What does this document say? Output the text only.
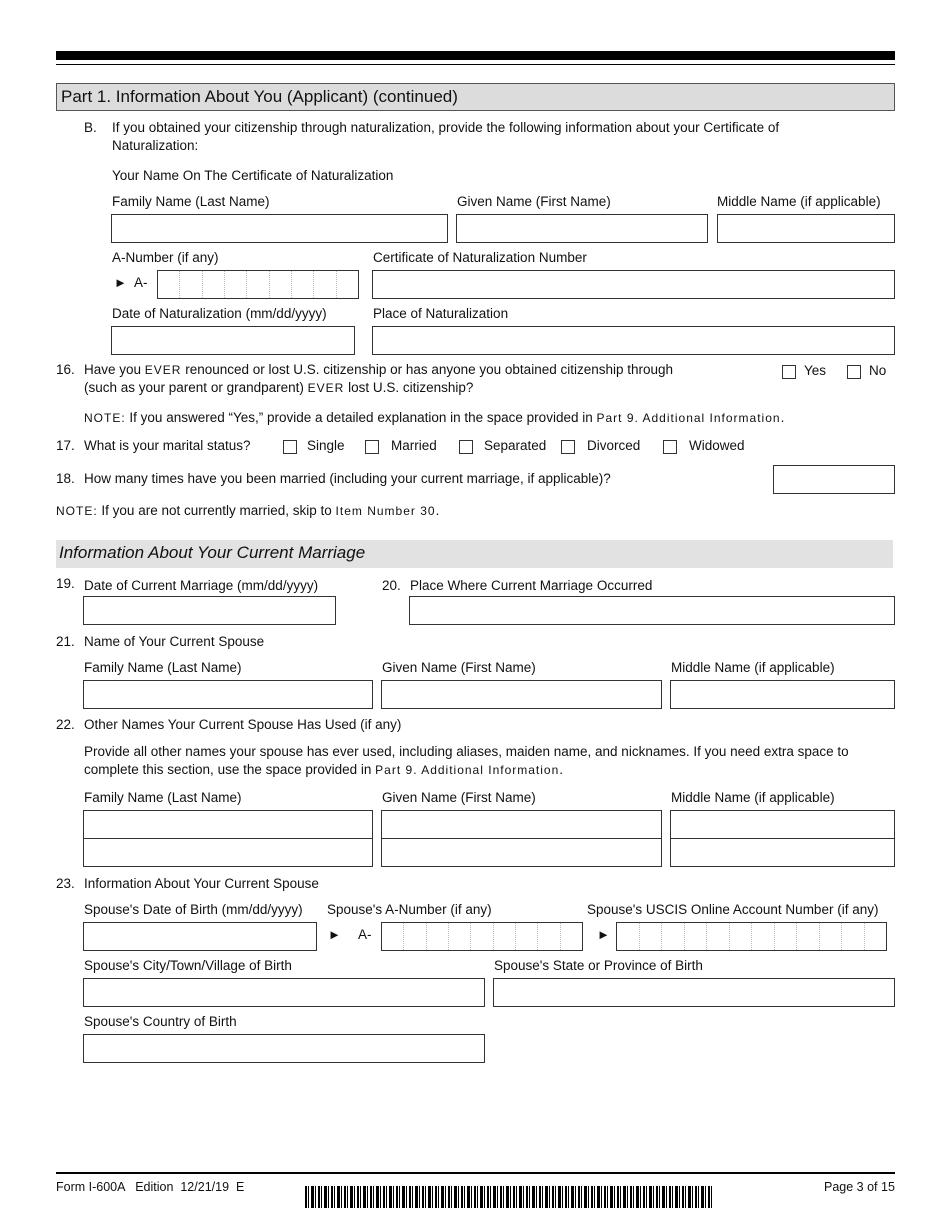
Part 1. Information About You (Applicant) (continued)
B. If you obtained your citizenship through naturalization, provide the following information about your Certificate of Naturalization:
Your Name On The Certificate of Naturalization
Family Name (Last Name)	Given Name (First Name)	Middle Name (if applicable)
A-Number (if any)
► A-
Certificate of Naturalization Number
Date of Naturalization (mm/dd/yyyy)	Place of Naturalization
16. Have you EVER renounced or lost U.S. citizenship or has anyone you obtained citizenship through
(such as your parent or grandparent) EVER lost U.S. citizenship?
Yes	No
NOTE: If you answered “Yes,” provide a detailed explanation in the space provided in Part 9. Additional Information.
17. What is your marital status?	Single	Married	Separated	Divorced	Widowed
18. How many times have you been married (including your current marriage, if applicable)?
NOTE: If you are not currently married, skip to Item Number 30.
Information About Your Current Marriage
19. Date of Current Marriage (mm/dd/yyyy)	20. Place Where Current Marriage Occurred
21. Name of Your Current Spouse
Family Name (Last Name)	Given Name (First Name)	Middle Name (if applicable)
22. Other Names Your Current Spouse Has Used (if any)
Provide all other names your spouse has ever used, including aliases, maiden name, and nicknames. If you need extra space to
complete this section, use the space provided in Part 9. Additional Information.
Family Name (Last Name)	Given Name (First Name)	Middle Name (if applicable)
23. Information About Your Current Spouse
Spouse's Date of Birth (mm/dd/yyyy) Spouse's A-Number (if any)	Spouse's USCIS Online Account Number (if any)
► A-	►
Spouse's City/Town/Village of Birth	Spouse's State or Province of Birth
Spouse's Country of Birth
Form I-600A   Edition  12/21/19  E	Page 3 of 15
